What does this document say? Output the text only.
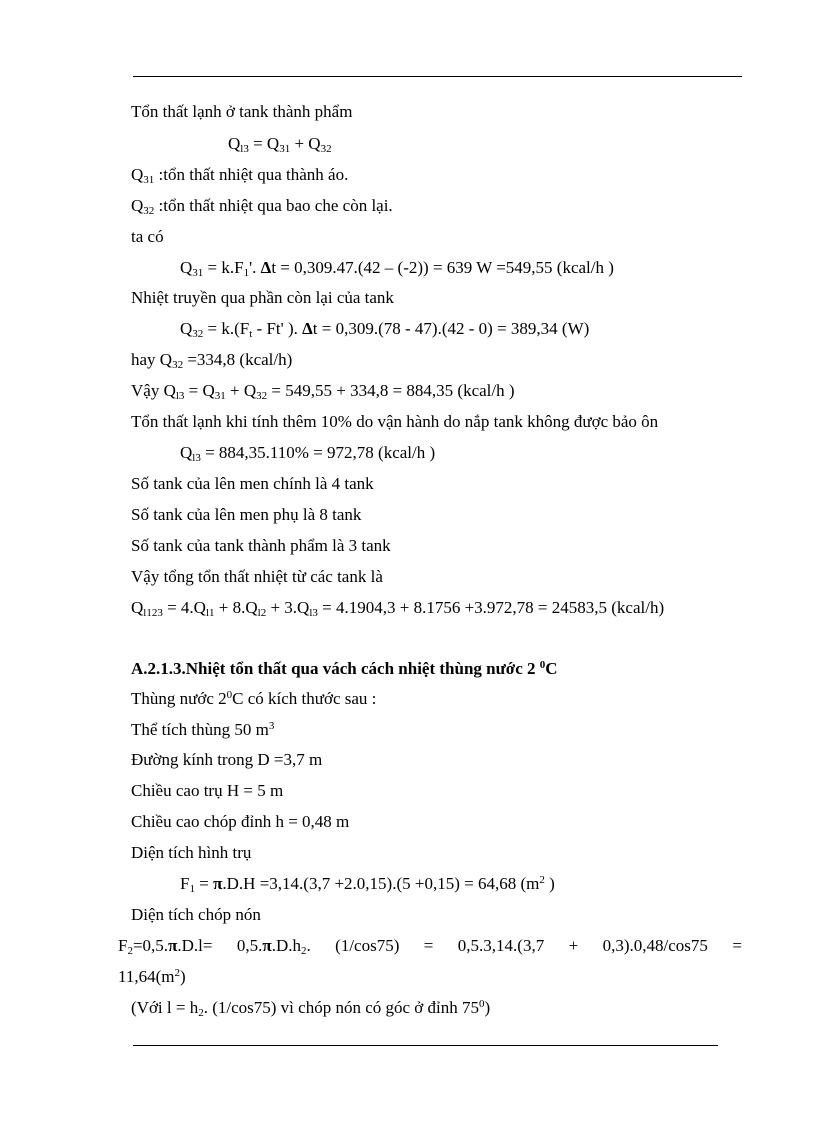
Tổn thất lạnh ở tank thành phẩm
$Q_{l3} = Q_{31} + Q_{32}$
$Q_{31}$ :tổn thất nhiệt qua thành áo.
$Q_{32}$ :tổn thất nhiệt qua bao che còn lại.
ta có
$Q_{31} = k.F_1'$. Δt = 0,309.47.(42 – (-2)) = 639 W =549,55 (kcal/h )
Nhiệt truyền qua phần còn lại của tank
$Q_{32} = k.(F_t - Ft'$ ). Δt = 0,309.(78 - 47).(42 - 0) = 389,34 (W)
hay $Q_{32} =334,8$ (kcal/h)
Vậy $Q_{l3} = Q_{31} + Q_{32} = 549,55 + 334,8 = 884,35$ (kcal/h )
Tổn thất lạnh khi tính thêm 10% do vận hành do nắp tank không được bảo ôn
$Q_{l3} = 884,35.110\% = 972,78$ (kcal/h )
Số tank của lên men chính là 4 tank
Số tank của lên men phụ là 8 tank
Số tank của tank thành phẩm là 3 tank
Vậy tổng tổn thất nhiệt từ các tank là
$Q_{l123} = 4.Q_{l1} + 8.Q_{l2} + 3.Q_{l3} = 4.1904,3 + 8.1756 +3.972,78 = 24583,5$ (kcal/h)
A.2.1.3.Nhiệt tổn thất qua vách cách nhiệt thùng nước 2 $^0$C
Thùng nước $2^0C$ có kích thước sau :
Thể tích thùng 50 $m^3$
Đường kính trong D =3,7 m
Chiều cao trụ H = 5 m
Chiều cao chóp đỉnh h = 0,48 m
Diện tích hình trụ
$F_1 = \pi.D.H =3,14.(3,7 +2.0,15).(5 +0,15) = 64,68$ ($m^2$ )
Diện tích chóp nón
$F_2=0,5.\pi.D.l= 0,5.\pi.D.h_2$. (1/cos75) = 0,5.3,14.(3,7 + 0,3).0,48/cos75 =
$11,64(m^2)$
(Với $l = h_2$. (1/cos75) vì chóp nón có góc ở đỉnh $75^0$)
